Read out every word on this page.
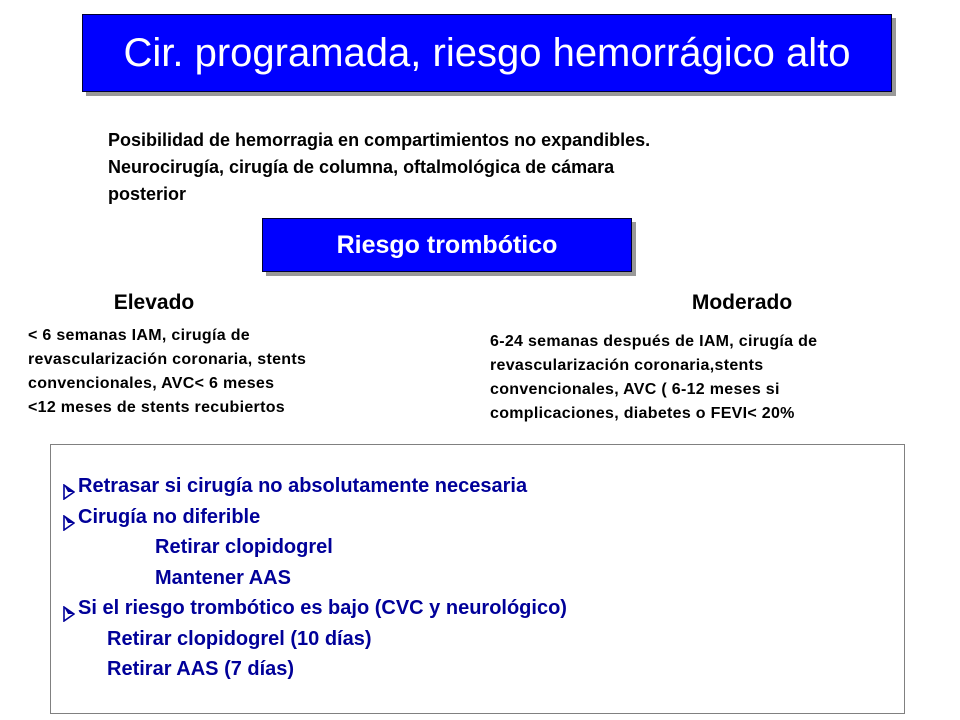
Cir. programada, riesgo hemorrágico alto
Posibilidad de hemorragia en compartimientos no expandibles.
Neurocirugía, cirugía de columna, oftalmológica de cámara
posterior
Riesgo trombótico
Elevado
< 6 semanas IAM, cirugía de
revascularización coronaria, stents
convencionales, AVC< 6 meses
<12 meses de stents recubiertos
Moderado
6-24 semanas después de IAM, cirugía de
revascularización coronaria,stents
convencionales, AVC ( 6-12 meses si
complicaciones, diabetes o FEVI< 20%
Retrasar si cirugía no absolutamente necesaria
Cirugía no diferible
Retirar clopidogrel
Mantener AAS
Si el riesgo trombótico es bajo (CVC y neurológico)
Retirar clopidogrel (10 días)
Retirar AAS (7 días)
